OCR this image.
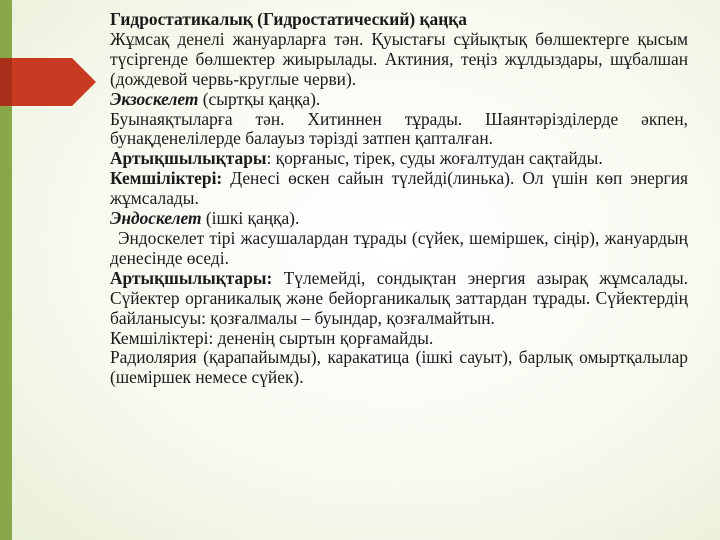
Гидростатикалық (Гидростатический) қаңқа

Жұмсақ денелі жануарларға тән. Қуыстағы сұйықтық бөлшектерге қысым түсіргенде бөлшектер жиырылады. Актиния, теңіз жұлдыздары, шұбалшан (дождевой червь-круглые черви).

Экзоскелет (сыртқы қаңқа).

Буынаяқтыларға тән. Хитиннен тұрады. Шаянтәрізділерде әкпен, бунақденелілерде балауыз тәрізді затпен қапталған.

Артықшылықтары: қорғаныс, тірек, суды жоғалтудан сақтайды.

Кемшіліктері: Денесі өскен сайын түлейді(линька). Ол үшін көп энергия жұмсалады.

Эндоскелет (ішкі қаңқа).

Эндоскелет тірі жасушалардан тұрады (сүйек, шеміршек, сіңір), жануардың денесінде өседі.

Артықшылықтары: Түлемейді, сондықтан энергия азырақ жұмсалады. Сүйектер органикалық және бейорганикалық заттардан тұрады. Сүйектердің байланысуы: қозғалмалы – буындар, қозғалмайтын.

Кемшіліктері: дененің сыртын қорғамайды.

Радиолярия (қарапайымды), каракатица (ішкі сауыт), барлық омыртқалылар (шеміршек немесе сүйек).
